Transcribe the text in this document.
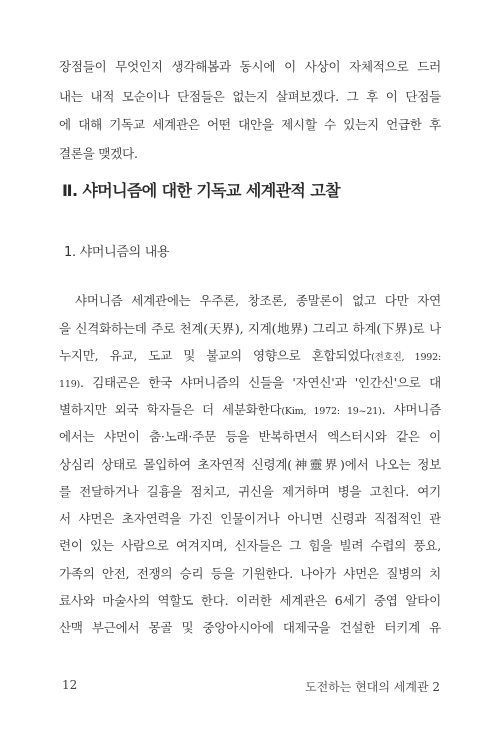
장점들이 무엇인지 생각해봄과 동시에 이 사상이 자체적으로 드러
내는 내적 모순이나 단점들은 없는지 살펴보겠다. 그 후 이 단점들
에 대해 기독교 세계관은 어떤 대안을 제시할 수 있는지 언급한 후
결론을 맺겠다.
Ⅱ. 샤머니즘에 대한 기독교 세계관적 고찰
1. 샤머니즘의 내용
샤머니즘 세계관에는 우주론, 창조론, 종말론이 없고 다만 자연
을 신격화하는데 주로 천계(天界), 지계(地界) 그리고 하계(下界)로 나
누지만, 유교, 도교 및 불교의 영향으로 혼합되었다(전호진, 1992:
119). 김태곤은 한국 샤머니즘의 신들을 '자연신'과 '인간신'으로 대
별하지만 외국 학자들은 더 세분화한다(Kim, 1972: 19~21). 샤머니즘
에서는 샤먼이 춤·노래·주문 등을 반복하면서 엑스터시와 같은 이
상심리 상태로 몰입하여 초자연적 신령계(神靈界)에서 나오는 정보
를 전달하거나 길흉을 점치고, 귀신을 제거하며 병을 고친다. 여기
서 샤먼은 초자연력을 가진 인물이거나 아니면 신령과 직접적인 관
련이 있는 사람으로 여겨지며, 신자들은 그 힘을 빌려 수렵의 풍요,
가족의 안전, 전쟁의 승리 등을 기원한다. 나아가 샤먼은 질병의 치
료사와 마술사의 역할도 한다. 이러한 세계관은 6세기 중엽 알타이
산맥 부근에서 몽골 및 중앙아시아에 대제국을 건설한 터키계 유
12	도전하는 현대의 세계관 2
